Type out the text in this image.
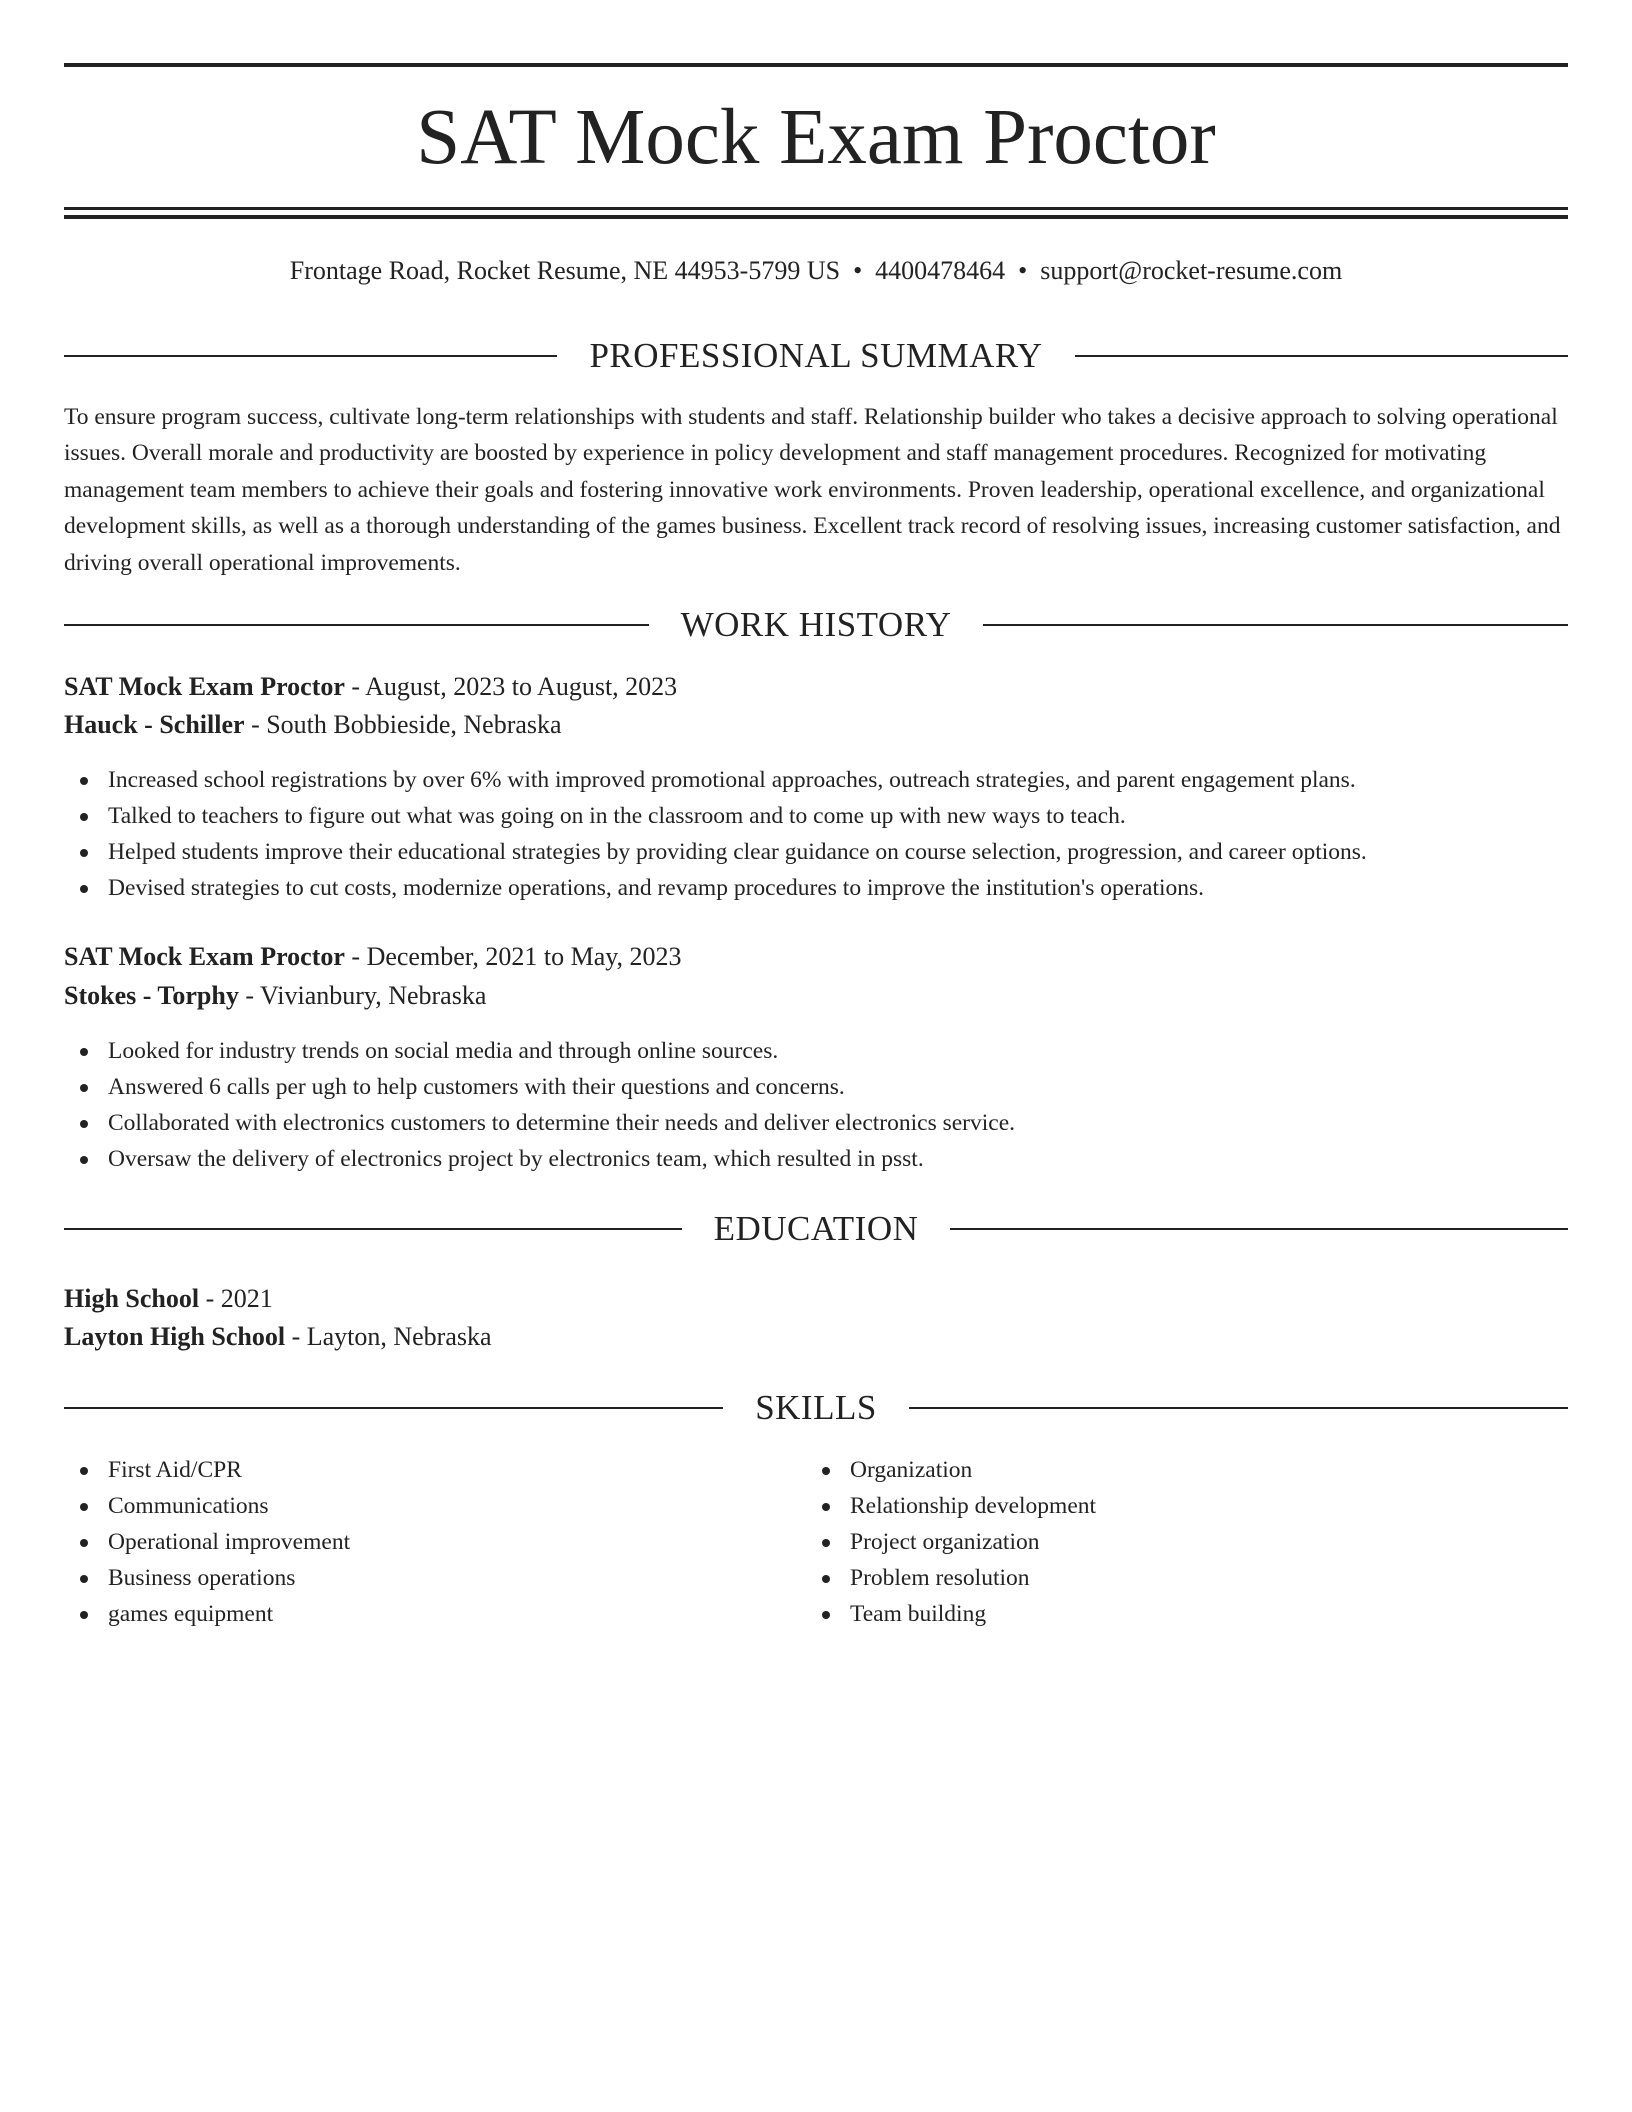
SAT Mock Exam Proctor
Frontage Road, Rocket Resume, NE 44953-5799 US • 4400478464 • support@rocket-resume.com
PROFESSIONAL SUMMARY

To ensure program success, cultivate long-term relationships with students and staff. Relationship builder who takes a decisive approach to solving operational issues. Overall morale and productivity are boosted by experience in policy development and staff management procedures. Recognized for motivating management team members to achieve their goals and fostering innovative work environments. Proven leadership, operational excellence, and organizational development skills, as well as a thorough understanding of the games business. Excellent track record of resolving issues, increasing customer satisfaction, and driving overall operational improvements.

WORK HISTORY
SAT Mock Exam Proctor - August, 2023 to August, 2023
Hauck - Schiller - South Bobbieside, Nebraska
Increased school registrations by over 6% with improved promotional approaches, outreach strategies, and parent engagement plans.
Talked to teachers to figure out what was going on in the classroom and to come up with new ways to teach.
Helped students improve their educational strategies by providing clear guidance on course selection, progression, and career options.
Devised strategies to cut costs, modernize operations, and revamp procedures to improve the institution's operations.
SAT Mock Exam Proctor - December, 2021 to May, 2023
Stokes - Torphy - Vivianbury, Nebraska
Looked for industry trends on social media and through online sources.
Answered 6 calls per ugh to help customers with their questions and concerns.
Collaborated with electronics customers to determine their needs and deliver electronics service.
Oversaw the delivery of electronics project by electronics team, which resulted in psst.
EDUCATION
High School - 2021
Layton High School - Layton, Nebraska
SKILLS
First Aid/CPR
Communications
Operational improvement
Business operations
games equipment
Organization
Relationship development
Project organization
Problem resolution
Team building
